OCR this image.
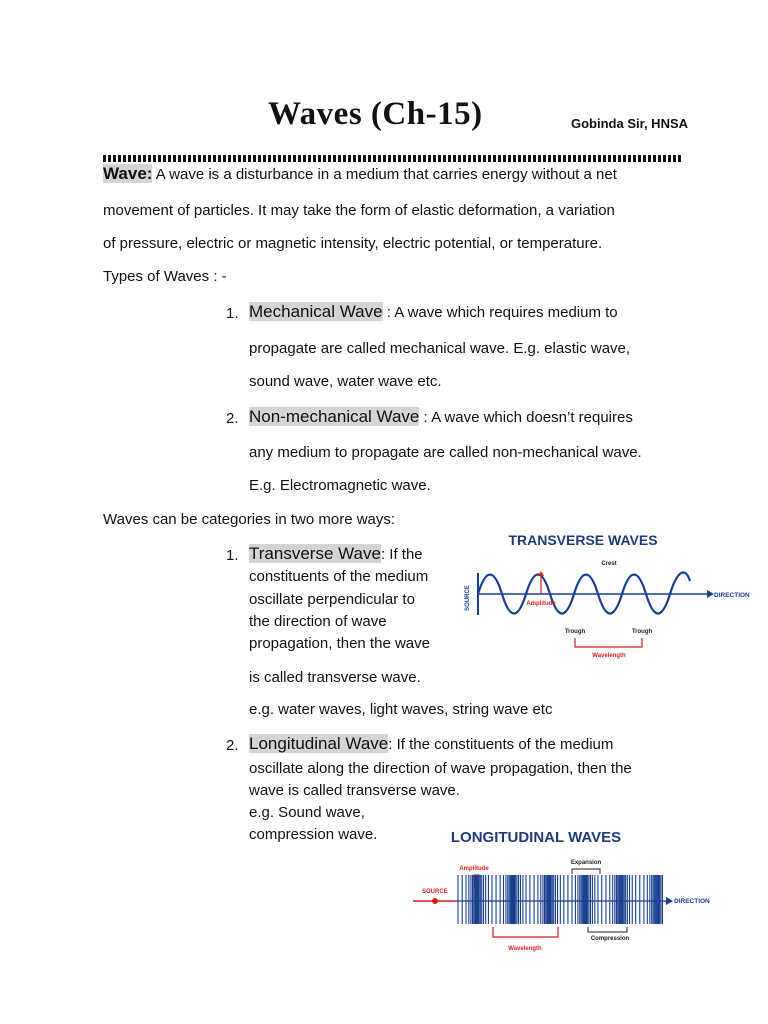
Waves (Ch-15)	Gobinda Sir, HNSA
Wave: A wave is a disturbance in a medium that carries energy without a net
movement of particles. It may take the form of elastic deformation, a variation
of pressure, electric or magnetic intensity, electric potential, or temperature.
Types of Waves : -
1. Mechanical Wave : A wave which requires medium to
propagate are called mechanical wave. E.g. elastic wave,
sound wave, water wave etc.
2. Non-mechanical Wave : A wave which doesn’t requires
any medium to propagate are called non-mechanical wave.
E.g. Electromagnetic wave.
Waves can be categories in two more ways:
1. Transverse Wave: If the
constituents of the medium
oscillate perpendicular to
the direction of wave
propagation, then the wave
is called transverse wave.
e.g. water waves, light waves, string wave etc
2. Longitudinal Wave: If the constituents of the medium
oscillate along the direction of wave propagation, then the
wave is called transverse wave.
e.g. Sound wave,
compression wave.
TRANSVERSE WAVES
Crest
SOURCE	DIRECTION
Amplitude
Trough	Trough
Wavelength
LONGITUDINAL WAVES
Expansion
Amplitude
SOURCE
DIRECTION
Compression
Wavelength
